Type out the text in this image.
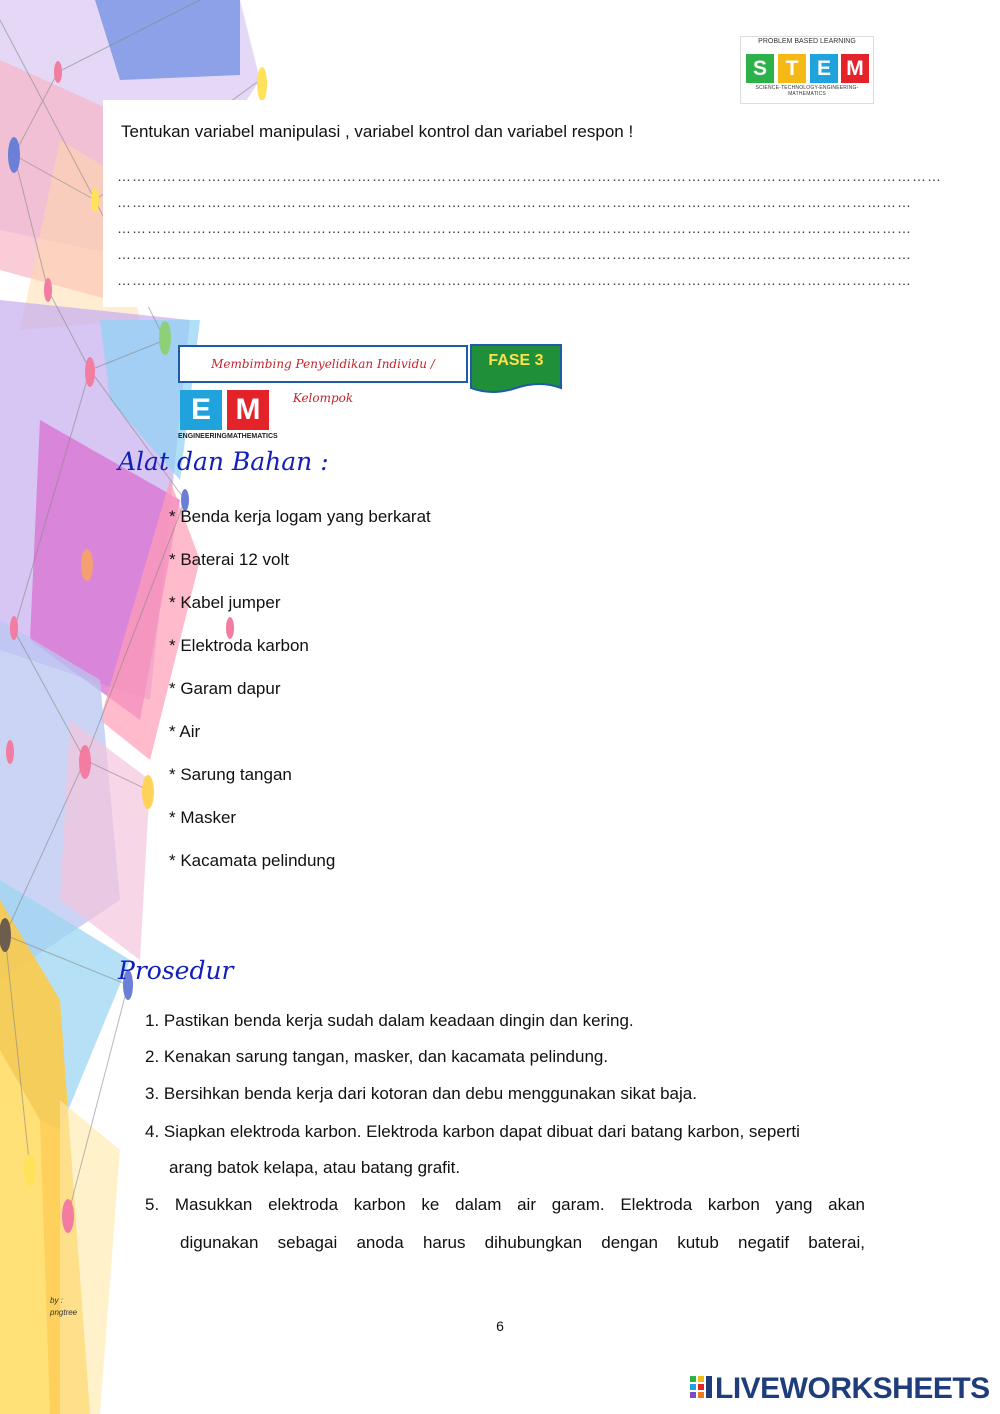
PROBLEM BASED LEARNING
S T E M
SCIENCE-TECHNOLOGY-ENGINEERING-MATHEMATICS
Tentukan variabel manipulasi , variabel kontrol dan variabel respon !
…………………………………………………………………………………………………………………………………………………
……………………………………………………………………………………………………………………………………………
……………………………………………………………………………………………………………………………………………
……………………………………………………………………………………………………………………………………………
……………………………………………………………………………………………………………………………………………
Membimbing Penyelidikan Individu / Kelompok
FASE 3
E M
ENGINEERING MATHEMATICS
Alat dan Bahan :
* Benda kerja logam yang berkarat
* Baterai 12 volt
* Kabel jumper
* Elektroda karbon
* Garam dapur
* Air
* Sarung tangan
* Masker
* Kacamata pelindung
Prosedur
1. Pastikan benda kerja sudah dalam keadaan dingin dan kering.
2. Kenakan sarung tangan, masker, dan kacamata pelindung.
3. Bersihkan benda kerja dari kotoran dan debu menggunakan sikat baja.
4. Siapkan elektroda karbon. Elektroda karbon dapat dibuat dari batang karbon, seperti
arang batok kelapa, atau batang grafit.
5. Masukkan elektroda karbon ke dalam air garam. Elektroda karbon yang akan
digunakan sebagai anoda harus dihubungkan dengan kutub negatif baterai,
by :
pngtree
6
LIVEWORKSHEETS
